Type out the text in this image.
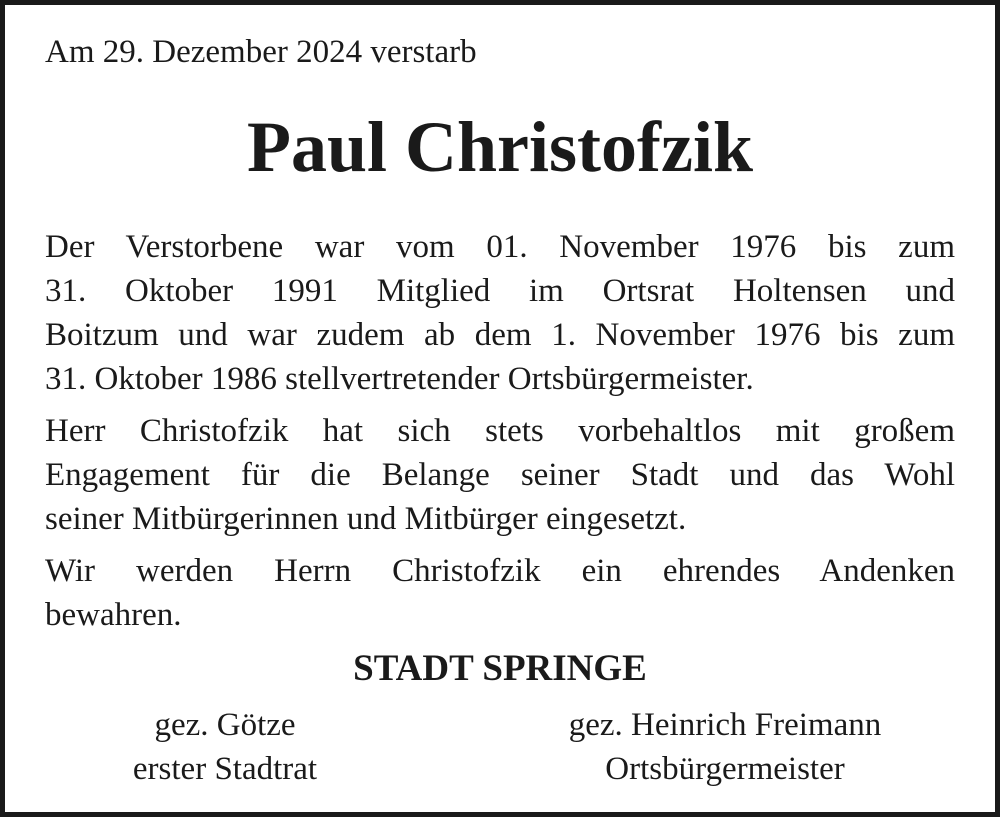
Am 29. Dezember 2024 verstarb
Paul Christofzik

Der Verstorbene war vom 01. November 1976 bis zum
31. Oktober 1991 Mitglied im Ortsrat Holtensen und
Boitzum und war zudem ab dem 1. November 1976 bis zum
31. Oktober 1986 stellvertretender Ortsbürgermeister.

Herr Christofzik hat sich stets vorbehaltlos mit großem
Engagement für die Belange seiner Stadt und das Wohl
seiner Mitbürgerinnen und Mitbürger eingesetzt.

Wir werden Herrn Christofzik ein ehrendes Andenken
bewahren.

STADT SPRINGE
gez. Götze
erster Stadtrat
gez. Heinrich Freimann
Ortsbürgermeister
